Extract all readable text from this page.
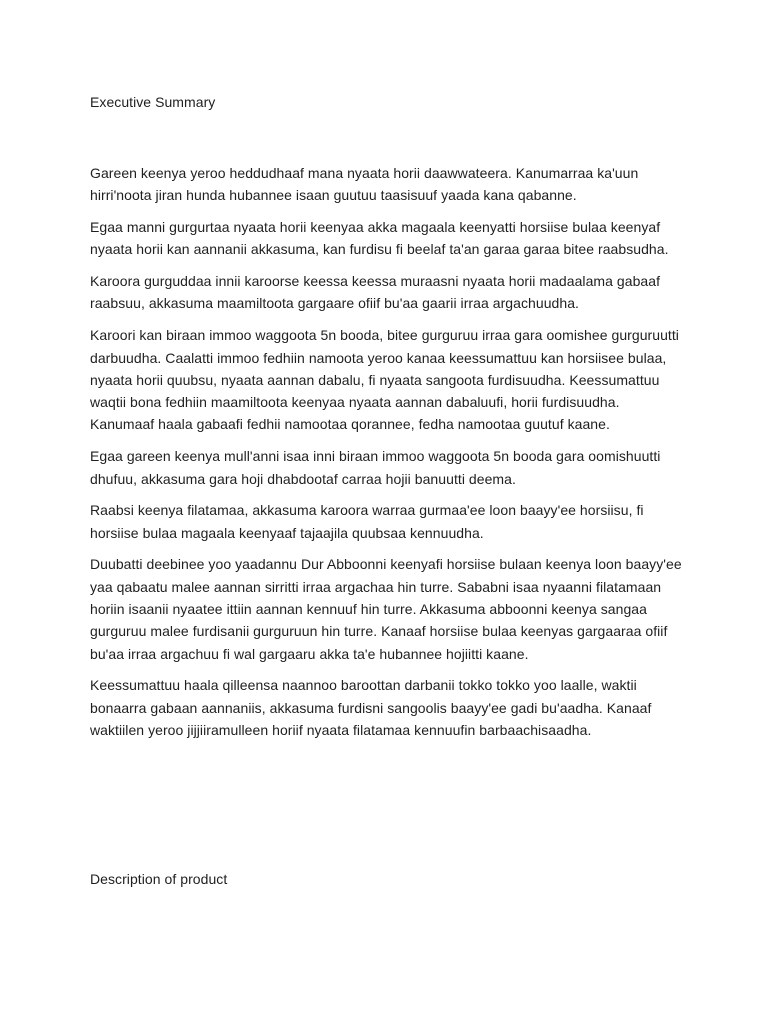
Executive Summary

Gareen keenya yeroo heddudhaaf mana nyaata horii daawwateera. Kanumarraa ka'uun
hirri'noota jiran hunda hubannee isaan guutuu taasisuuf yaada kana qabanne.

Egaa manni gurgurtaa nyaata horii keenyaa akka magaala keenyatti horsiise bulaa keenyaf
nyaata horii kan aannanii akkasuma, kan furdisu fi beelaf ta'an garaa garaa bitee raabsudha.

Karoora gurguddaa innii karoorse keessa keessa muraasni nyaata horii madaalama gabaaf
raabsuu, akkasuma maamiltoota gargaare ofiif bu'aa gaarii irraa argachuudha.

Karoori kan biraan immoo waggoota 5n booda, bitee gurguruu irraa gara oomishee gurguruutti
darbuudha. Caalatti immoo fedhiin namoota yeroo kanaa keessumattuu kan horsiisee bulaa,
nyaata horii quubsu, nyaata aannan dabalu, fi nyaata sangoota furdisuudha. Keessumattuu
waqtii bona fedhiin maamiltoota keenyaa nyaata aannan dabaluufi, horii furdisuudha.
Kanumaaf haala gabaafi fedhii namootaa qorannee, fedha namootaa guutuf kaane.

Egaa gareen keenya mull'anni isaa inni biraan immoo waggoota 5n booda gara oomishuutti
dhufuu, akkasuma gara hoji dhabdootaf carraa hojii banuutti deema.

Raabsi keenya filatamaa, akkasuma karoora warraa gurmaa'ee loon baayy'ee horsiisu, fi
horsiise bulaa magaala keenyaaf tajaajila quubsaa kennuudha.

Duubatti deebinee yoo yaadannu Dur Abboonni keenyafi horsiise bulaan keenya loon baayy'ee
yaa qabaatu malee aannan sirritti irraa argachaa hin turre. Sababni isaa nyaanni filatamaan
horiin isaanii nyaatee ittiin aannan kennuuf hin turre. Akkasuma abboonni keenya sangaa
gurguruu malee furdisanii gurguruun hin turre. Kanaaf horsiise bulaa keenyas gargaaraa ofiif
bu'aa irraa argachuu fi wal gargaaru akka ta'e hubannee hojiitti kaane.

Keessumattuu haala qilleensa naannoo baroottan darbanii tokko tokko yoo laalle, waktii
bonaarra gabaan aannaniis, akkasuma furdisni sangoolis baayy'ee gadi bu'aadha. Kanaaf
waktiilen yeroo jijjiiramulleen horiif nyaata filatamaa kennuufin barbaachisaadha.

Description of product
